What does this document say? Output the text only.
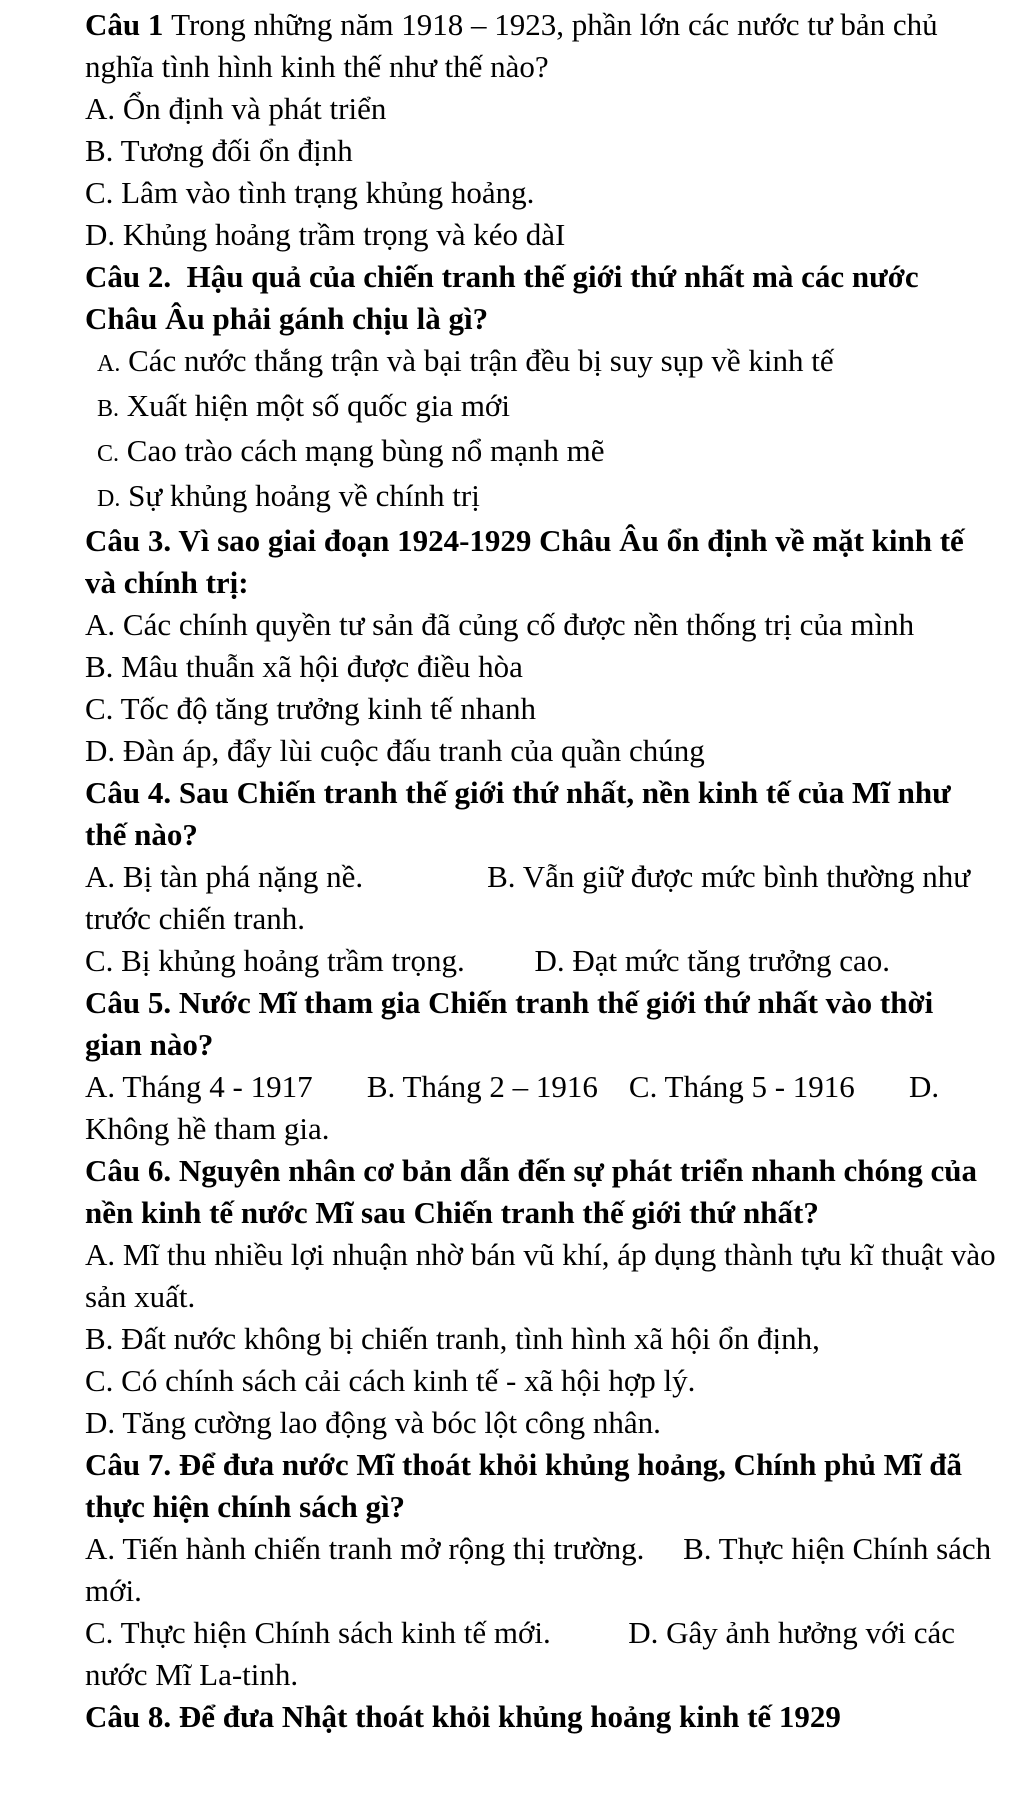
Câu 1 Trong những năm 1918 – 1923, phần lớn các nước tư bản chủ nghĩa tình hình kinh thế như thế nào?
A. Ổn định và phát triển
B. Tương đối ổn định
C. Lâm vào tình trạng khủng hoảng.
D. Khủng hoảng trầm trọng và kéo dàI
Câu 2.  Hậu quả của chiến tranh thế giới thứ nhất mà các nước Châu Âu phải gánh chịu là gì?
A. Các nước thắng trận và bại trận đều bị suy sụp về kinh tế
B. Xuất hiện một số quốc gia mới
C. Cao trào cách mạng bùng nổ mạnh mẽ
D. Sự khủng hoảng về chính trị
Câu 3. Vì sao giai đoạn 1924-1929 Châu Âu ổn định về mặt kinh tế và chính trị:
A. Các chính quyền tư sản đã củng cố được nền thống trị của mình
B. Mâu thuẫn xã hội được điều hòa
C. Tốc độ tăng trưởng kinh tế nhanh
D. Đàn áp, đẩy lùi cuộc đấu tranh của quần chúng
Câu 4. Sau Chiến tranh thế giới thứ nhất, nền kinh tế của Mĩ như thế nào?
A. Bị tàn phá nặng nề.                B. Vẫn giữ được mức bình thường như trước chiến tranh.
C. Bị khủng hoảng trầm trọng.         D. Đạt mức tăng trưởng cao.
Câu 5. Nước Mĩ tham gia Chiến tranh thế giới thứ nhất vào thời gian nào?
A. Tháng 4 - 1917       B. Tháng 2 – 1916    C. Tháng 5 - 1916       D. Không hề tham gia.
Câu 6. Nguyên nhân cơ bản dẫn đến sự phát triển nhanh chóng của nền kinh tế nước Mĩ sau Chiến tranh thế giới thứ nhất?
A. Mĩ thu nhiều lợi nhuận nhờ bán vũ khí, áp dụng thành tựu kĩ thuật vào sản xuất.
B. Đất nước không bị chiến tranh, tình hình xã hội ổn định,
C. Có chính sách cải cách kinh tế - xã hội hợp lý.
D. Tăng cường lao động và bóc lột công nhân.
Câu 7. Để đưa nước Mĩ thoát khỏi khủng hoảng, Chính phủ Mĩ đã thực hiện chính sách gì?
A. Tiến hành chiến tranh mở rộng thị trường.     B. Thực hiện Chính sách mới.
C. Thực hiện Chính sách kinh tế mới.          D. Gây ảnh hưởng với các nước Mĩ La-tinh.
Câu 8. Để đưa Nhật thoát khỏi khủng hoảng kinh tế 1929
